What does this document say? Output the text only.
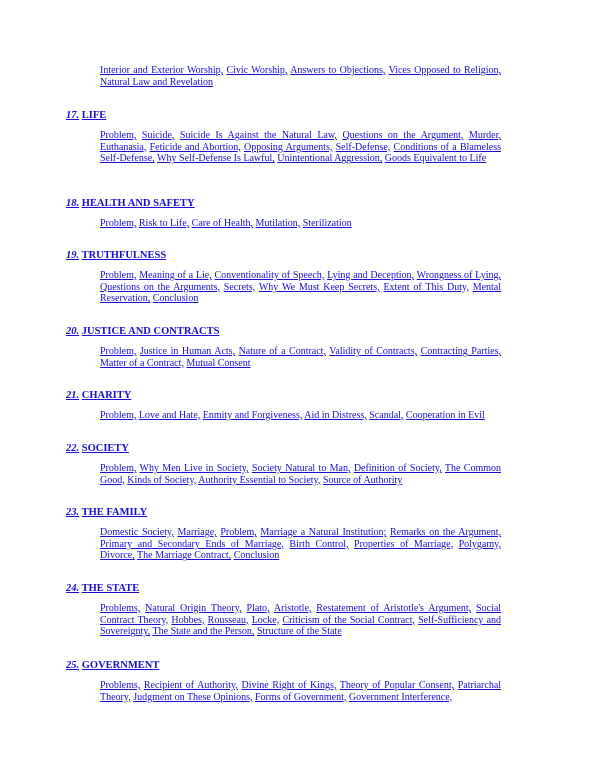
Interior and Exterior Worship, Civic Worship, Answers to Objections, Vices Opposed to Religion, Natural Law and Revelation

17. LIFE

Problem, Suicide, Suicide Is Against the Natural Law, Questions on the Argument, Murder, Euthanasia, Feticide and Abortion, Opposing Arguments, Self-Defense, Conditions of a Blameless Self-Defense, Why Self-Defense Is Lawful, Unintentional Aggression, Goods Equivalent to Life

18. HEALTH AND SAFETY

Problem, Risk to Life, Care of Health, Mutilation, Sterilization

19. TRUTHFULNESS

Problem, Meaning of a Lie, Conventionality of Speech, Lying and Deception, Wrongness of Lying, Questions on the Arguments, Secrets, Why We Must Keep Secrets, Extent of This Duty, Mental Reservation, Conclusion

20. JUSTICE AND CONTRACTS

Problem, Justice in Human Acts, Nature of a Contract, Validity of Contracts, Contracting Parties, Matter of a Contract, Mutual Consent

21. CHARITY

Problem, Love and Hate, Enmity and Forgiveness, Aid in Distress, Scandal, Cooperation in Evil

22. SOCIETY

Problem, Why Men Live in Society, Society Natural to Man, Definition of Society, The Common Good, Kinds of Society, Authority Essential to Society, Source of Authority

23. THE FAMILY

Domestic Society, Marriage, Problem, Marriage a Natural Institution; Remarks on the Argument, Primary and Secondary Ends of Marriage, Birth Control, Properties of Marriage, Polygamy, Divorce, The Marriage Contract, Conclusion

24. THE STATE

Problems, Natural Origin Theory, Plato, Aristotle, Restatement of Aristotle's Argument, Social Contract Theory, Hobbes, Rousseau, Locke, Criticism of the Social Contract, Self-Sufficiency and Sovereignty, The State and the Person, Structure of the State

25. GOVERNMENT

Problems, Recipient of Authority, Divine Right of Kings, Theory of Popular Consent, Patriarchal Theory, Judgment on These Opinions, Forms of Government, Government Interference,
